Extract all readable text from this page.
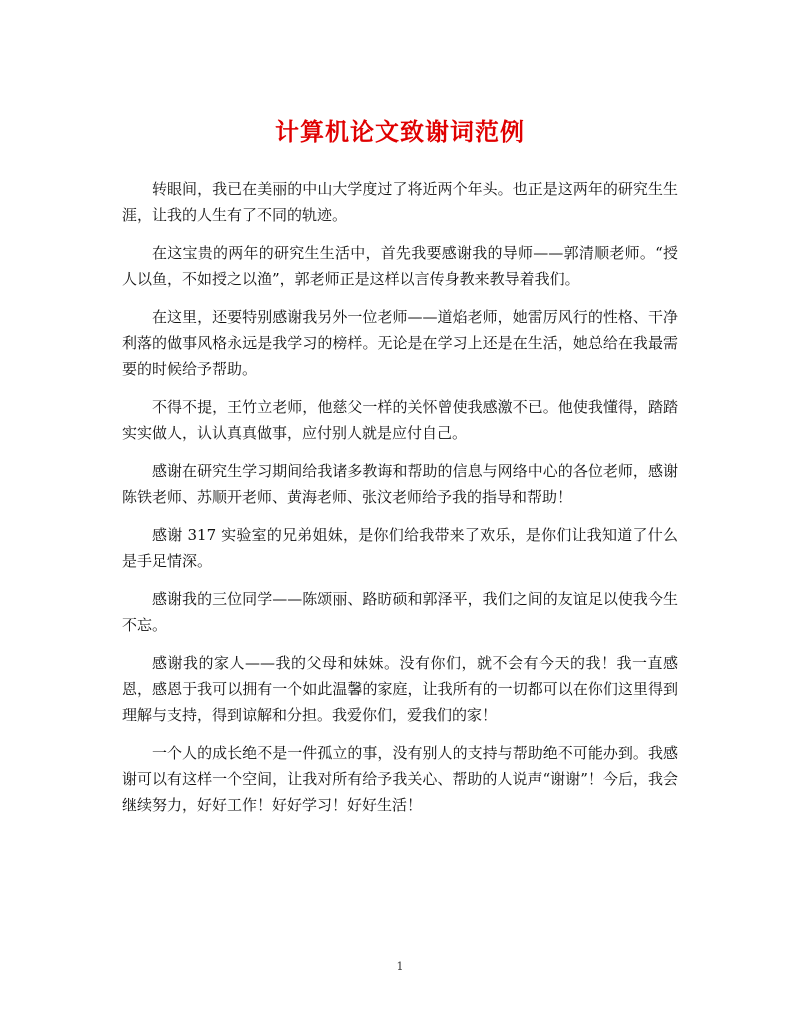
计算机论文致谢词范例

转眼间，我已在美丽的中山大学度过了将近两个年头。也正是这两年的研究生生涯，让我的人生有了不同的轨迹。

在这宝贵的两年的研究生生活中，首先我要感谢我的导师——郭清顺老师。“授人以鱼，不如授之以渔”，郭老师正是这样以言传身教来教导着我们。

在这里，还要特别感谢我另外一位老师——道焰老师，她雷厉风行的性格、干净利落的做事风格永远是我学习的榜样。无论是在学习上还是在生活，她总给在我最需要的时候给予帮助。

不得不提，王竹立老师，他慈父一样的关怀曾使我感激不已。他使我懂得，踏踏实实做人，认认真真做事，应付别人就是应付自己。

感谢在研究生学习期间给我诸多教诲和帮助的信息与网络中心的各位老师，感谢陈铁老师、苏顺开老师、黄海老师、张汶老师给予我的指导和帮助！

感谢 317 实验室的兄弟姐妹，是你们给我带来了欢乐，是你们让我知道了什么是手足情深。

感谢我的三位同学——陈颂丽、路昉硕和郭泽平，我们之间的友谊足以使我今生不忘。

感谢我的家人——我的父母和妹妹。没有你们，就不会有今天的我！我一直感恩，感恩于我可以拥有一个如此温馨的家庭，让我所有的一切都可以在你们这里得到理解与支持，得到谅解和分担。我爱你们，爱我们的家！

一个人的成长绝不是一件孤立的事，没有别人的支持与帮助绝不可能办到。我感谢可以有这样一个空间，让我对所有给予我关心、帮助的人说声“谢谢”！今后，我会继续努力，好好工作！好好学习！好好生活！

1
